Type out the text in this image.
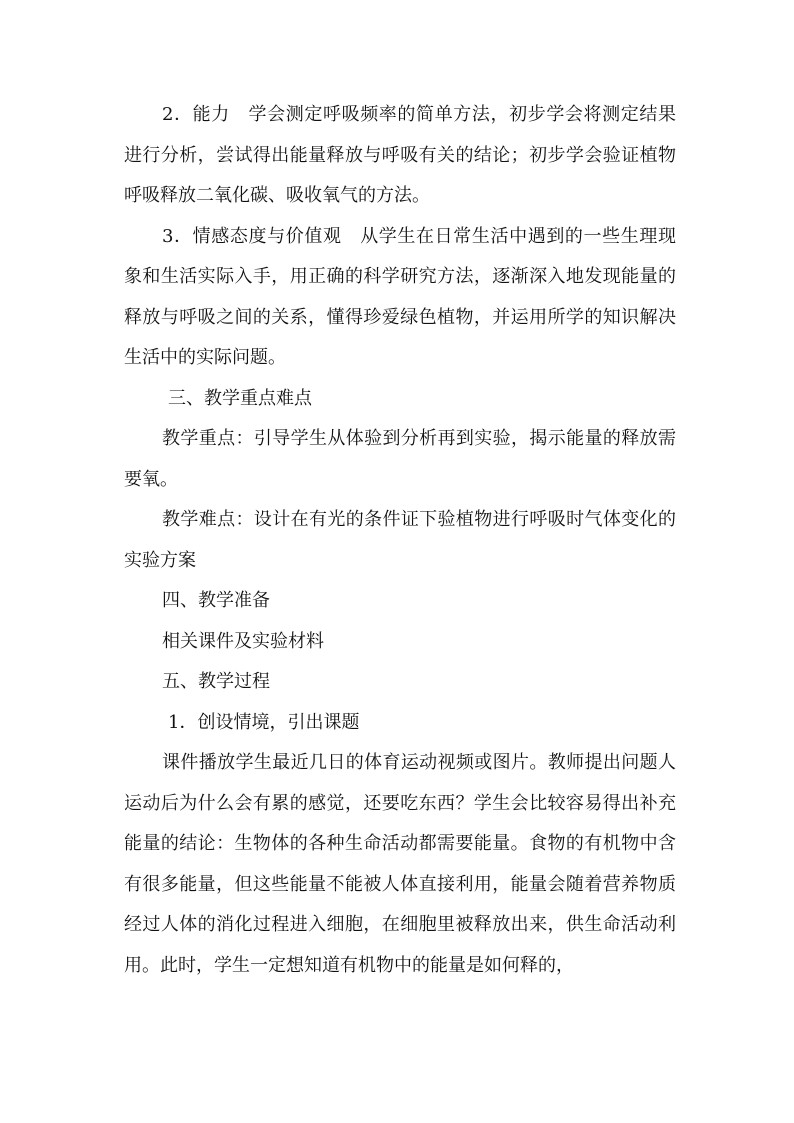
2．能力　学会测定呼吸频率的简单方法，初步学会将测定结果进行分析，尝试得出能量释放与呼吸有关的结论；初步学会验证植物呼吸释放二氧化碳、吸收氧气的方法。

3．情感态度与价值观　从学生在日常生活中遇到的一些生理现象和生活实际入手，用正确的科学研究方法，逐渐深入地发现能量的释放与呼吸之间的关系，懂得珍爱绿色植物，并运用所学的知识解决生活中的实际问题。

三、教学重点难点

教学重点：引导学生从体验到分析再到实验，揭示能量的释放需要氧。

教学难点：设计在有光的条件证下验植物进行呼吸时气体变化的实验方案

四、教学准备

相关课件及实验材料

五、教学过程

1．创设情境，引出课题

课件播放学生最近几日的体育运动视频或图片。教师提出问题人运动后为什么会有累的感觉，还要吃东西？学生会比较容易得出补充能量的结论：生物体的各种生命活动都需要能量。食物的有机物中含有很多能量，但这些能量不能被人体直接利用，能量会随着营养物质经过人体的消化过程进入细胞，在细胞里被释放出来，供生命活动利用。此时，学生一定想知道有机物中的能量是如何释的，
